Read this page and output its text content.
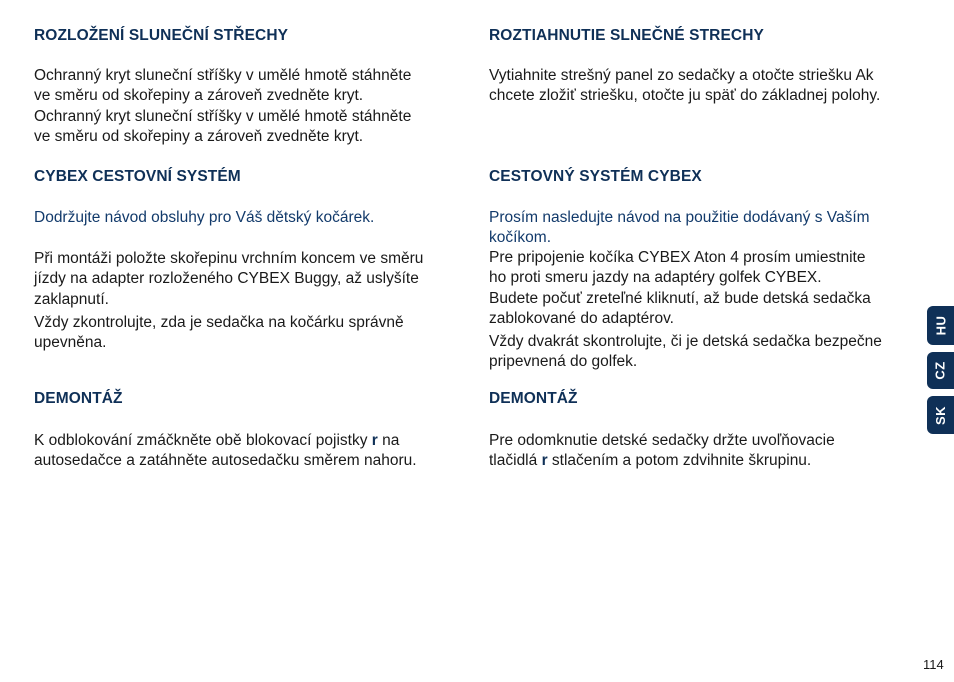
ROZLOŽENÍ SLUNEČNÍ STŘECHY

Ochranný kryt sluneční stříšky v umělé hmotě stáhněte
ve směru od skořepiny a zároveň zvedněte kryt.
Ochranný kryt sluneční stříšky v umělé hmotě stáhněte
ve směru od skořepiny a zároveň zvedněte kryt.

CYBEX CESTOVNÍ SYSTÉM

Dodržujte návod obsluhy pro Váš dětský kočárek.

Při montáži položte skořepinu vrchním koncem ve směru
jízdy na adapter rozloženého CYBEX Buggy, až uslyšíte
zaklapnutí.
Vždy zkontrolujte, zda je sedačka na kočárku správně
upevněna.

DEMONTÁŽ

K odblokování zmáčkněte obě blokovací pojistky r na
autosedačce a zatáhněte autosedačku směrem nahoru.

ROZTIAHNUTIE SLNEČNÉ STRECHY

Vytiahnite strešný panel zo sedačky a otočte striešku Ak
chcete zložiť striešku, otočte ju späť do základnej polohy.

CESTOVNÝ SYSTÉM CYBEX

Prosím nasledujte návod na použitie dodávaný s Vaším
kočíkom.

Pre pripojenie kočíka CYBEX Aton 4 prosím umiestnite
ho proti smeru jazdy na adaptéry golfek CYBEX.
Budete počuť zreteľné kliknutí, až bude detská sedačka
zablokované do adaptérov.
Vždy dvakrát skontrolujte, či je detská sedačka bezpečne
pripevnená do golfek.

DEMONTÁŽ

Pre odomknutie detské sedačky držte uvoľňovacie
tlačidlá r stlačením a potom zdvihnite škrupinu.

HU
CZ
SK
114
